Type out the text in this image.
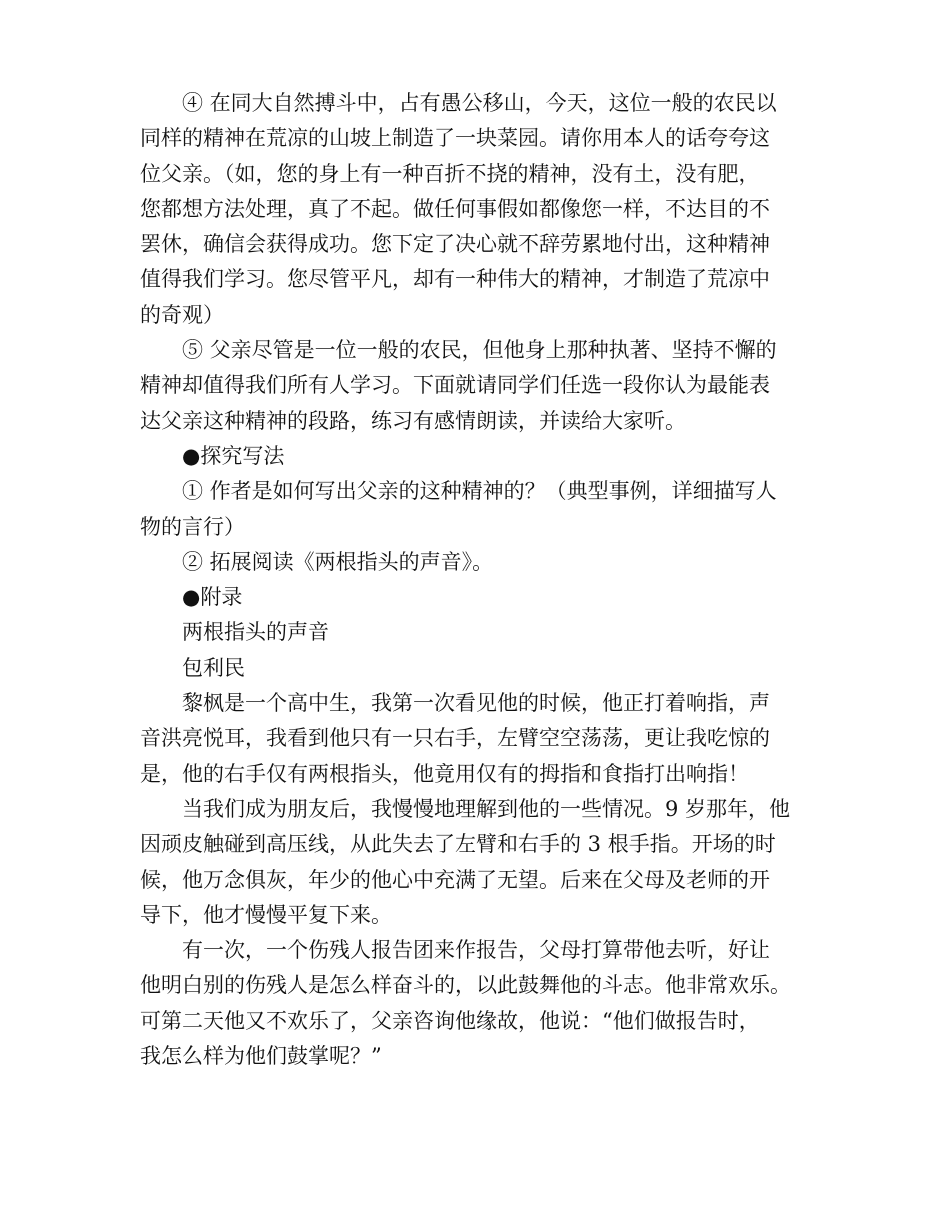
④ 在同大自然搏斗中，占有愚公移山，今天，这位一般的农民以
同样的精神在荒凉的山坡上制造了一块菜园。请你用本人的话夸夸这
位父亲。（如，您的身上有一种百折不挠的精神，没有土，没有肥，
您都想方法处理，真了不起。做任何事假如都像您一样，不达目的不
罢休，确信会获得成功。您下定了决心就不辞劳累地付出，这种精神
值得我们学习。您尽管平凡，却有一种伟大的精神，才制造了荒凉中
的奇观）
⑤ 父亲尽管是一位一般的农民，但他身上那种执著、坚持不懈的
精神却值得我们所有人学习。下面就请同学们任选一段你认为最能表
达父亲这种精神的段路，练习有感情朗读，并读给大家听。
●探究写法
① 作者是如何写出父亲的这种精神的？（典型事例，详细描写人
物的言行）
② 拓展阅读《两根指头的声音》。
●附录
两根指头的声音
包利民
黎枫是一个高中生，我第一次看见他的时候，他正打着响指，声
音洪亮悦耳，我看到他只有一只右手，左臂空空荡荡，更让我吃惊的
是，他的右手仅有两根指头，他竟用仅有的拇指和食指打出响指！
当我们成为朋友后，我慢慢地理解到他的一些情况。9 岁那年，他
因顽皮触碰到高压线，从此失去了左臂和右手的 3 根手指。开场的时
候，他万念俱灰，年少的他心中充满了无望。后来在父母及老师的开
导下，他才慢慢平复下来。
有一次，一个伤残人报告团来作报告，父母打算带他去听，好让
他明白别的伤残人是怎么样奋斗的，以此鼓舞他的斗志。他非常欢乐。
可第二天他又不欢乐了，父亲咨询他缘故，他说：“他们做报告时，
我怎么样为他们鼓掌呢？”
